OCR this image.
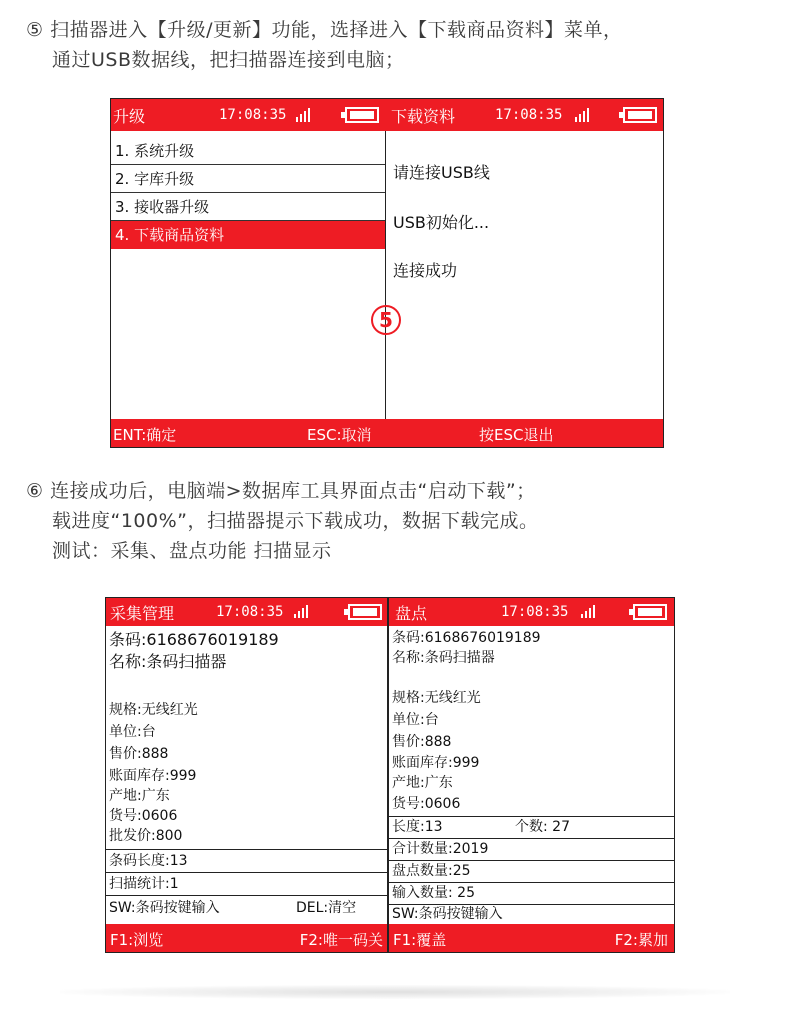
⑤ 扫描器进入【升级/更新】功能，选择进入【下载商品资料】菜单，
通过USB数据线，把扫描器连接到电脑；
升级	17:08:35	下载资料	17:08:35
1. 系统升级
2. 字库升级
3. 接收器升级
4. 下载商品资料
请连接USB线
USB初始化...
连接成功
5
ENT:确定	ESC:取消	按ESC退出
⑥ 连接成功后，电脑端>数据库工具界面点击“启动下载”；
载进度“100%”，扫描器提示下载成功，数据下载完成。
测试：采集、盘点功能 扫描显示
采集管理	17:08:35
条码:6168676019189
名称:条码扫描器
规格:无线红光
单位:台
售价:888
账面库存:999
产地:广东
货号:0606
批发价:800
条码长度:13
扫描统计:1
SW:条码按键输入	DEL:清空
F1:浏览	F2:唯一码关
盘点	17:08:35
条码:6168676019189
名称:条码扫描器
规格:无线红光
单位:台
售价:888
账面库存:999
产地:广东
货号:0606
长度:13	个数: 27
合计数量:2019
盘点数量:25
输入数量: 25
SW:条码按键输入
F1:覆盖	F2:累加
